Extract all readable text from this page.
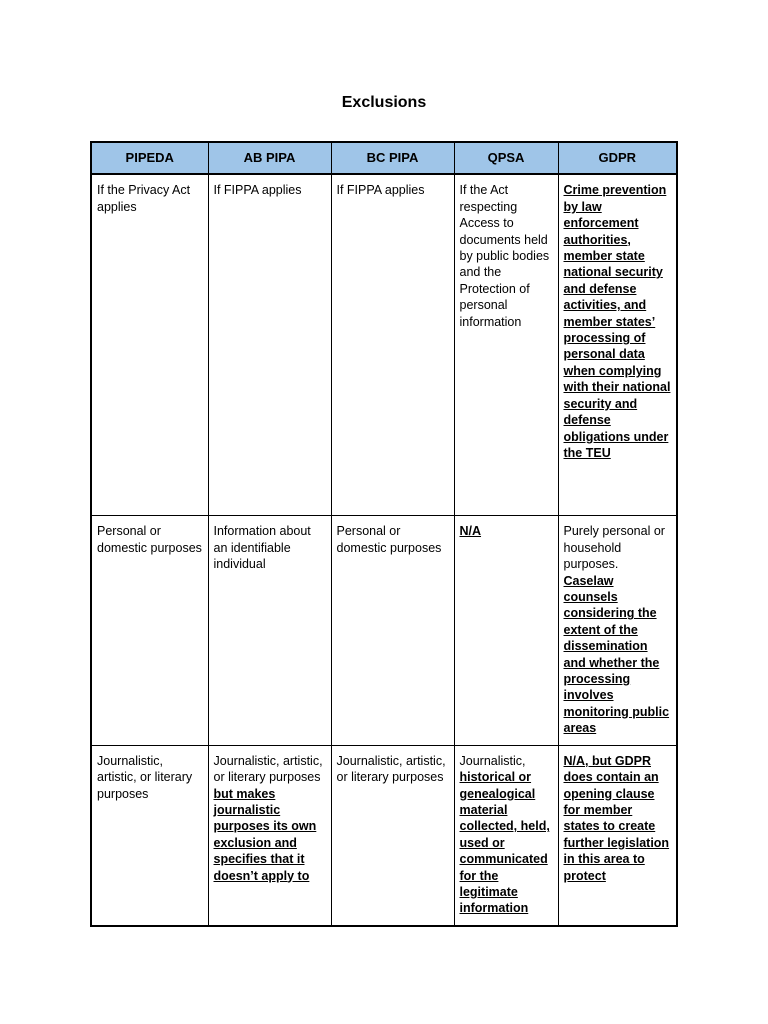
Exclusions
PIPEDA	AB PIPA	BC PIPA	QPSA	GDPR
If the Privacy Act applies	If FIPPA applies	If FIPPA applies	If the Act respecting Access to documents held by public bodies and the Protection of personal information	Crime prevention by law enforcement authorities, member state national security and defense activities, and member states’ processing of personal data when complying with their national security and defense obligations under the TEU
Personal or domestic purposes	Information about an identifiable individual	Personal or domestic purposes	N/A	Purely personal or household purposes. Caselaw counsels considering the extent of the dissemination and whether the processing involves monitoring public areas
Journalistic, artistic, or literary purposes	Journalistic, artistic, or literary purposes but makes journalistic purposes its own exclusion and specifies that it doesn’t apply to	Journalistic, artistic, or literary purposes	Journalistic, historical or genealogical material collected, held, used or communicated for the legitimate information	N/A, but GDPR does contain an opening clause for member states to create further legislation in this area to protect
